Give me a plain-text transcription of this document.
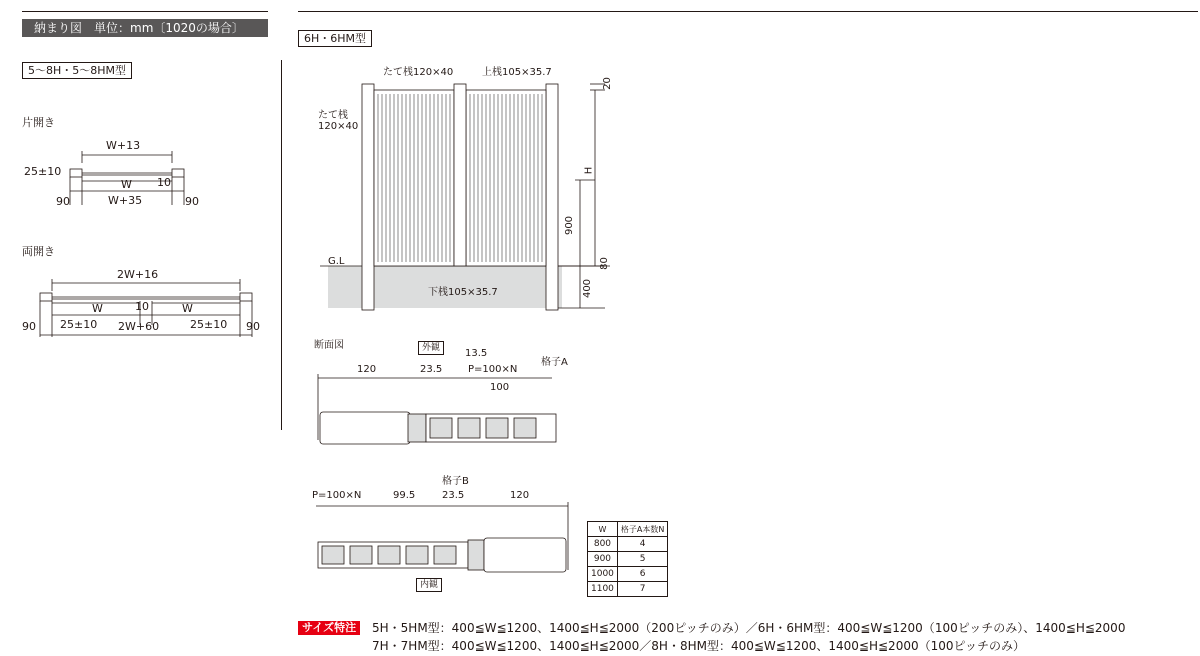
納まり図　単位：mm〔1020の場合〕
5〜8H・5〜8HM型
6H・6HM型
片開き
W+13
25±10
W 10
90	W+35	90
両開き
2W+16
W	10	W
90 25±10 2W+60	25±10 90
たて桟120×40	上桟105×35.7
たて桟
120×40
20
H
900
80
400
G.L
下桟105×35.7
断面図	外観
内観
120	23.5
13.5
P=100×N
100
格子A
P=100×N	99.5	23.5	120
格子B
W	格子A本数N
800	4
900	5
1000	6
1100	7
サイズ特注	5H・5HM型：400≦W≦1200、1400≦H≦2000（200ピッチのみ）／6H・6HM型：400≦W≦1200（100ピッチのみ）、1400≦H≦2000
7H・7HM型：400≦W≦1200、1400≦H≦2000／8H・8HM型：400≦W≦1200、1400≦H≦2000（100ピッチのみ）
